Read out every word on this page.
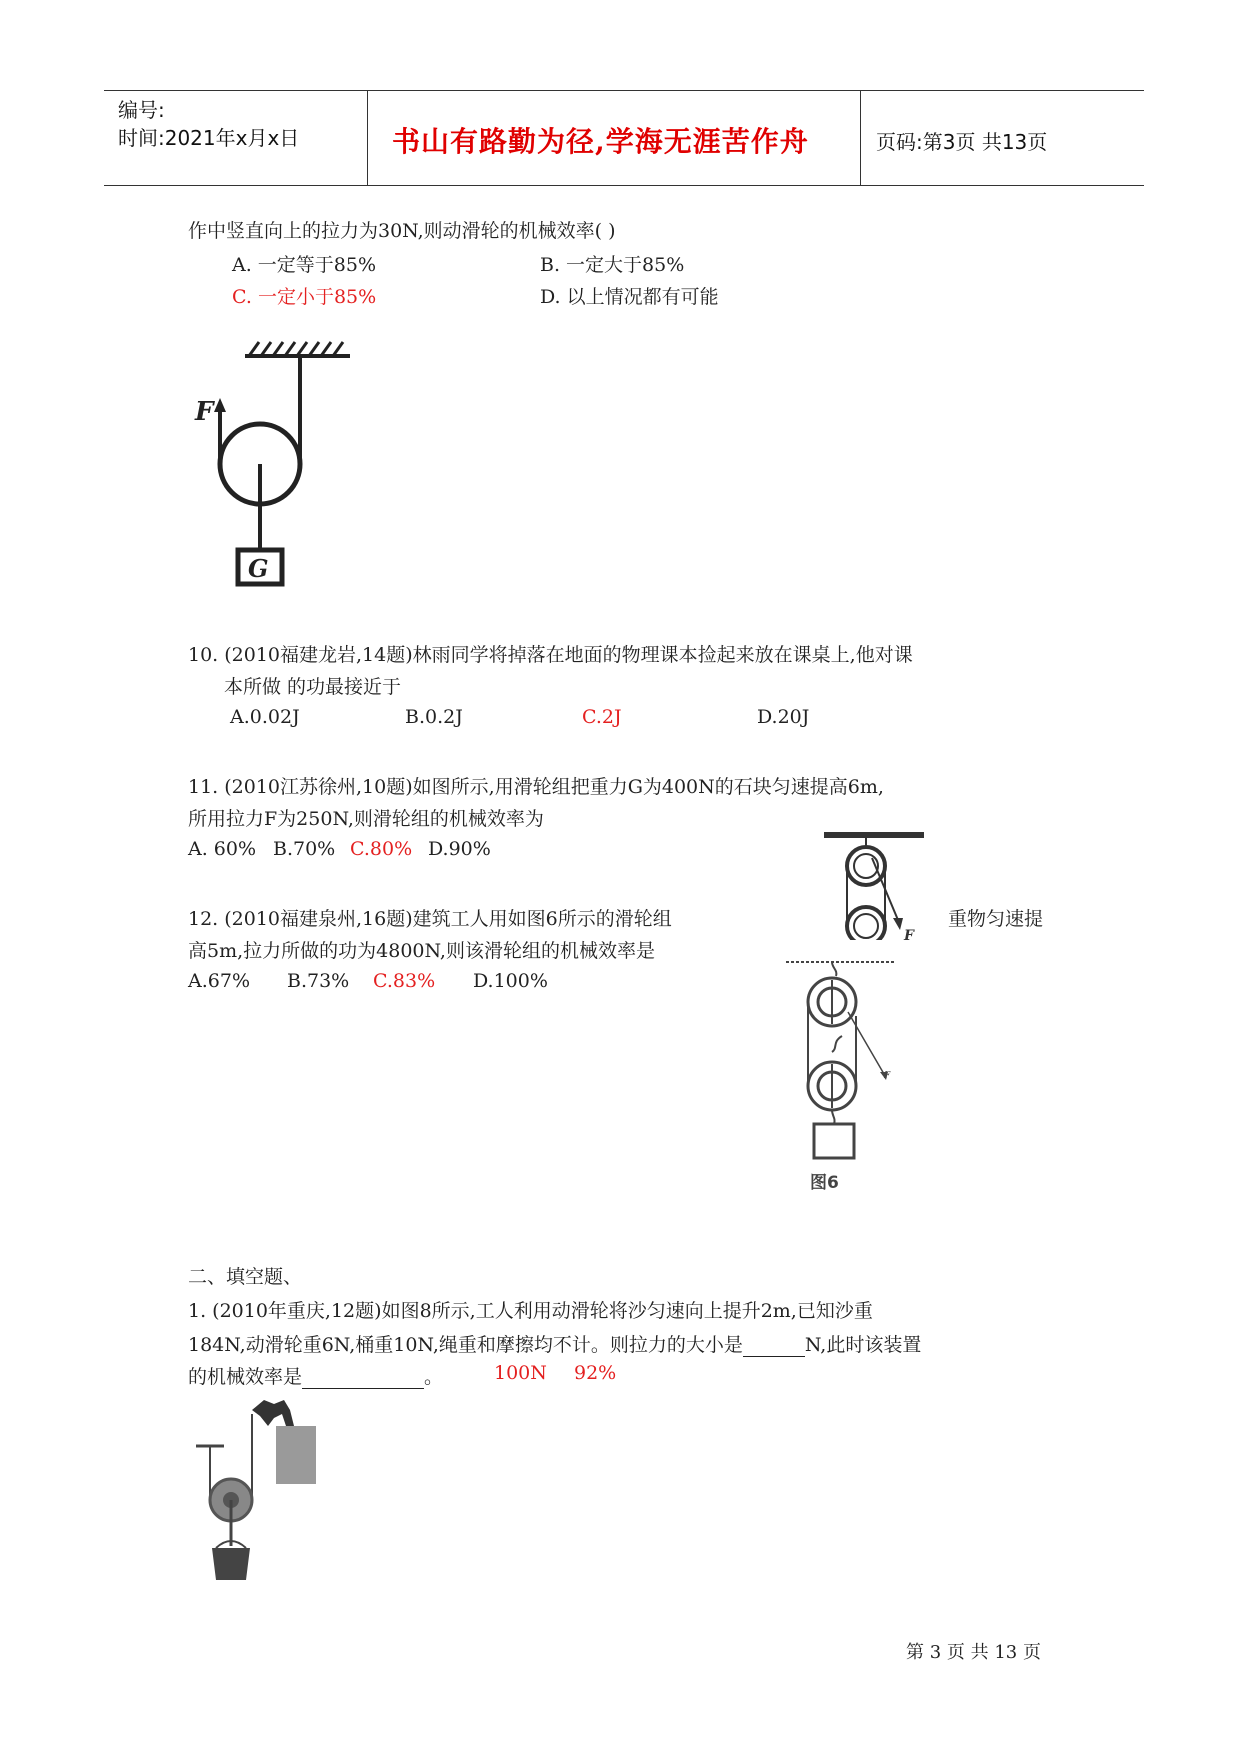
编号:
时间:2021年x月x日	书山有路勤为径,学海无涯苦作舟	页码:第3页 共13页
作中竖直向上的拉力为30N,则动滑轮的机械效率( )
A. 一定等于85%	B. 一定大于85%
C. 一定小于85%	D. 以上情况都有可能
F
G
10. (2010福建龙岩,14题)林雨同学将掉落在地面的物理课本捡起来放在课桌上,他对课
本所做 的功最接近于
A.0.02J	B.0.2J	C.2J	D.20J
11. (2010江苏徐州,10题)如图所示,用滑轮组把重力G为400N的石块匀速提高6m,
所用拉力F为250N,则滑轮组的机械效率为
A. 60% B.70% C.80% D.90%
F
12. (2010福建泉州,16题)建筑工人用如图6所示的滑轮组	重物匀速提
高5m,拉力所做的功为4800N,则该滑轮组的机械效率是
A.67% B.73% C.83% D.100%
F
图6
二、填空题、
1. (2010年重庆,12题)如图8所示,工人利用动滑轮将沙匀速向上提升2m,已知沙重
184N,动滑轮重6N,桶重10N,绳重和摩擦均不计。则拉力的大小是	N,此时该装置
的机械效率是	。	100N 92%
第 3 页 共 13 页
